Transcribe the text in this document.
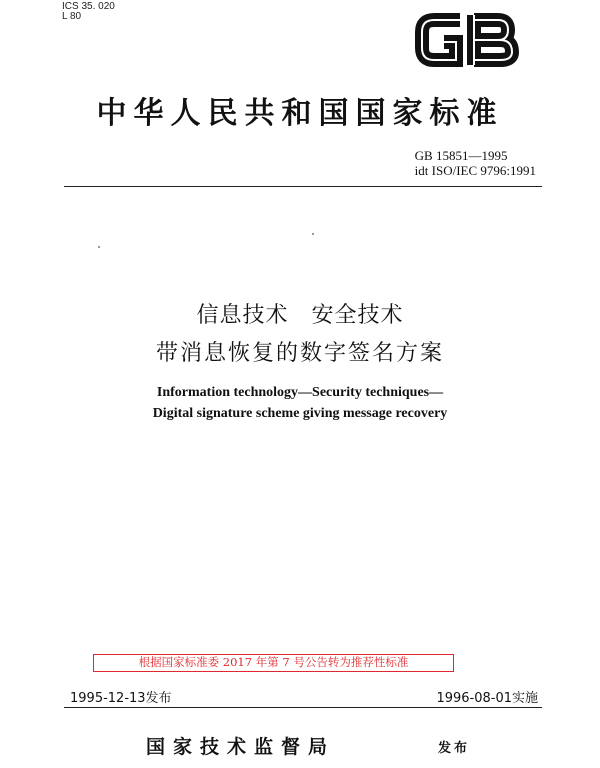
ICS 35. 020
L 80
中华人民共和国国家标准
GB 15851—1995
idt ISO/IEC 9796:1991
信息技术　安全技术
带消息恢复的数字签名方案
Information technology—Security techniques—
Digital signature scheme giving message recovery
根据国家标准委 2017 年第 7 号公告转为推荐性标准
1995-12-13发布	1996-08-01实施
国家技术监督局	发布
